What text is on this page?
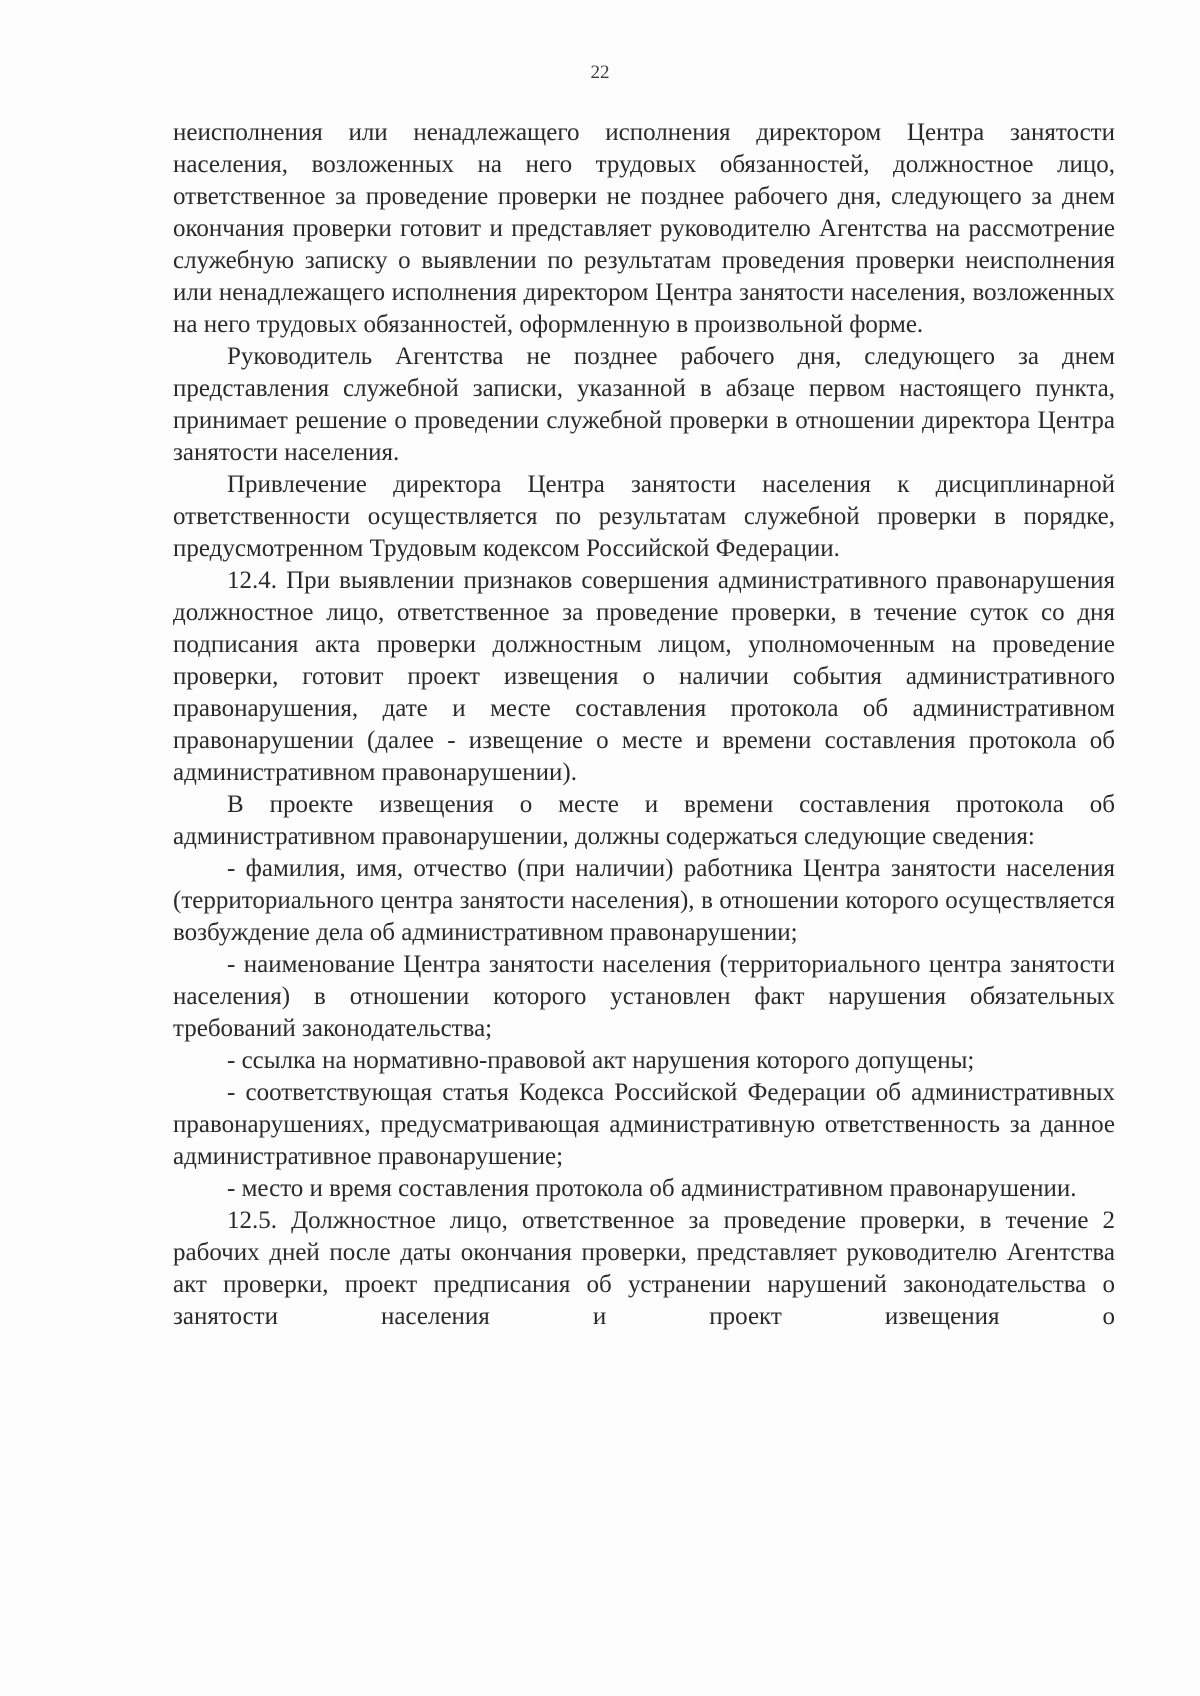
22

неисполнения или ненадлежащего исполнения директором Центра занятости населения, возложенных на него трудовых обязанностей, должностное лицо, ответственное за проведение проверки не позднее рабочего дня, следующего за днем окончания проверки готовит и представляет руководителю Агентства на рассмотрение служебную записку о выявлении по результатам проведения проверки неисполнения или ненадлежащего исполнения директором Центра занятости населения, возложенных на него трудовых обязанностей, оформленную в произвольной форме.

Руководитель Агентства не позднее рабочего дня, следующего за днем представления служебной записки, указанной в абзаце первом настоящего пункта, принимает решение о проведении служебной проверки в отношении директора Центра занятости населения.

Привлечение директора Центра занятости населения к дисциплинарной ответственности осуществляется по результатам служебной проверки в порядке, предусмотренном Трудовым кодексом Российской Федерации.

12.4. При выявлении признаков совершения административного правонарушения должностное лицо, ответственное за проведение проверки, в течение суток со дня подписания акта проверки должностным лицом, уполномоченным на проведение проверки, готовит проект извещения о наличии события административного правонарушения, дате и месте составления протокола об административном правонарушении (далее - извещение о месте и времени составления протокола об административном правонарушении).

В проекте извещения о месте и времени составления протокола об административном правонарушении, должны содержаться следующие сведения:

- фамилия, имя, отчество (при наличии) работника Центра занятости населения (территориального центра занятости населения), в отношении которого осуществляется возбуждение дела об административном правонарушении;

- наименование Центра занятости населения (территориального центра занятости населения) в отношении которого установлен факт нарушения обязательных требований законодательства;

- ссылка на нормативно-правовой акт нарушения которого допущены;

- соответствующая статья Кодекса Российской Федерации об административных правонарушениях, предусматривающая административную ответственность за данное административное правонарушение;

- место и время составления протокола об административном правонарушении.

12.5. Должностное лицо, ответственное за проведение проверки, в течение 2 рабочих дней после даты окончания проверки, представляет руководителю Агентства акт проверки, проект предписания об устранении нарушений законодательства о занятости населения и проект извещения о
